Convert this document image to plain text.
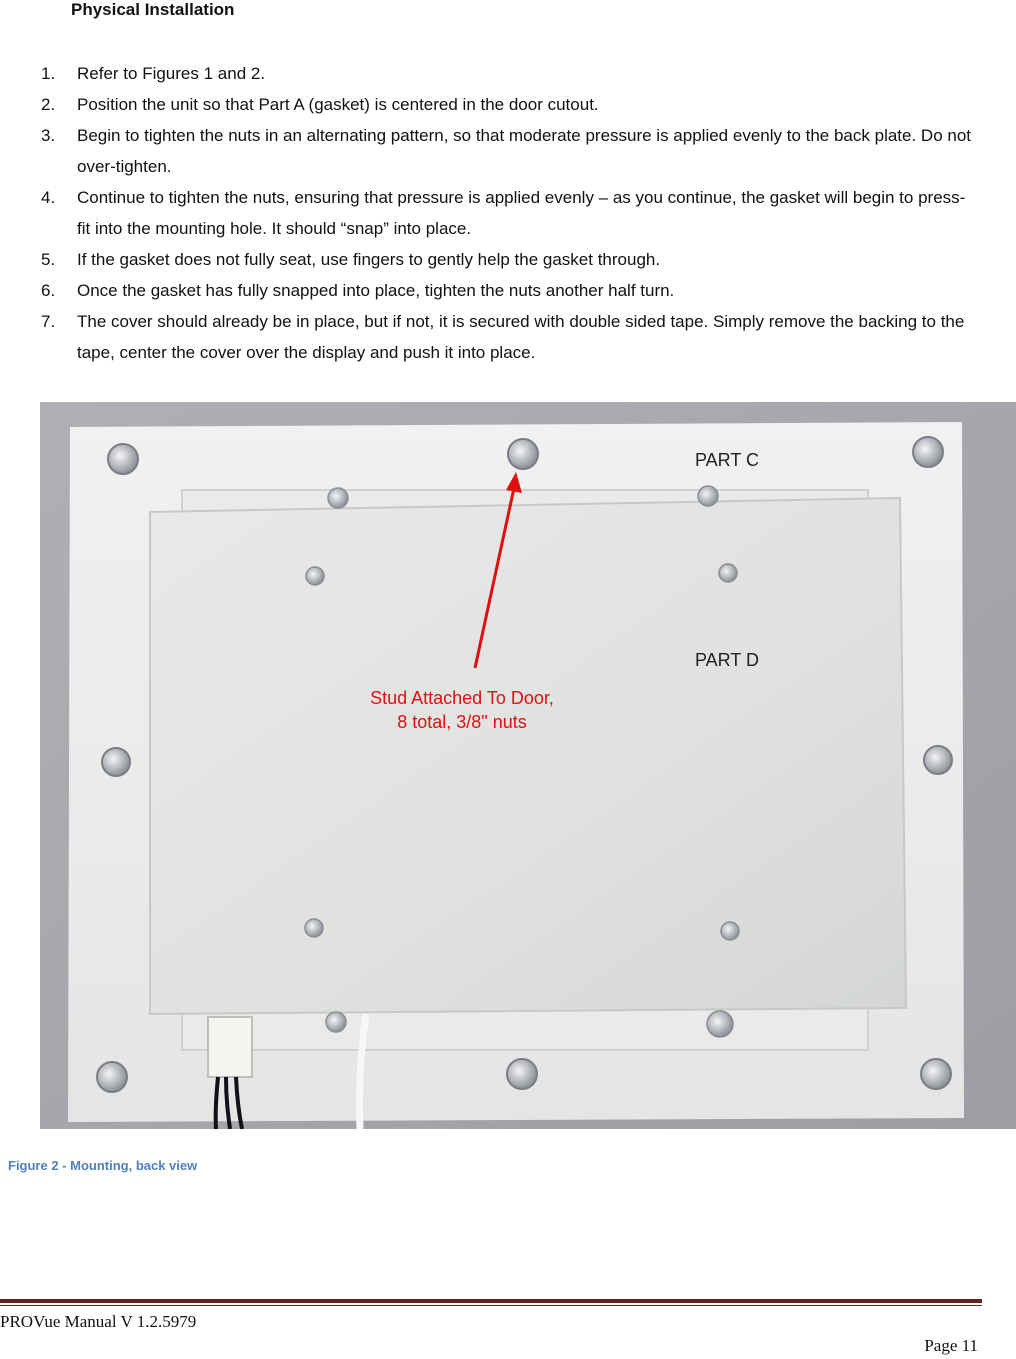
Physical Installation
1. Refer to Figures 1 and 2.
2. Position the unit so that Part A (gasket) is centered in the door cutout.
3. Begin to tighten the nuts in an alternating pattern, so that moderate pressure is applied evenly to the back plate. Do not over-tighten.
4. Continue to tighten the nuts, ensuring that pressure is applied evenly – as you continue, the gasket will begin to press-fit into the mounting hole. It should “snap” into place.
5. If the gasket does not fully seat, use fingers to gently help the gasket through.
6. Once the gasket has fully snapped into place, tighten the nuts another half turn.
7. The cover should already be in place, but if not, it is secured with double sided tape. Simply remove the backing to the tape, center the cover over the display and push it into place.
PART C
PART D
Stud Attached To Door,
8 total, 3/8" nuts
Figure 2 - Mounting, back view
PROVue Manual V 1.2.5979
Page 11
